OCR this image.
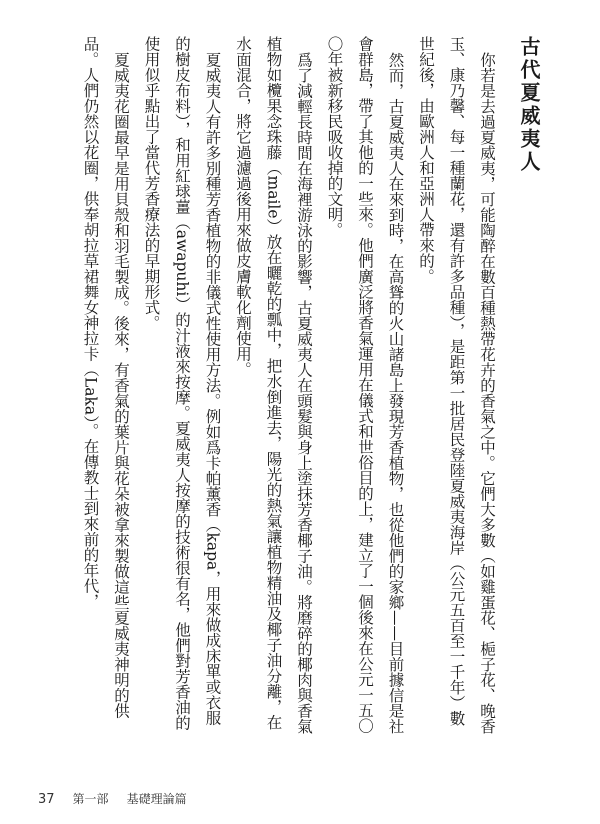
古代夏威夷人

你若是去過夏威夷，可能陶醉在數百種熱帶花卉的香氣之中。它們大多數（如雞蛋花、梔子花、晚香玉、康乃馨、每一種蘭花，還有許多品種），是距第一批居民登陸夏威夷海岸（公元五百至一千年）數世紀後，由歐洲人和亞洲人帶來的。

然而，古夏威夷人在來到時，在高聳的火山諸島上發現芳香植物，也從他們的家鄉——目前據信是社會群島，帶了其他的一些來。他們廣泛將香氣運用在儀式和世俗目的上，建立了一個後來在公元一五〇〇年被新移民吸收掉的文明。

爲了減輕長時間在海裡游泳的影響，古夏威夷人在頭髮與身上塗抹芳香椰子油。將磨碎的椰肉與香氣植物如欖果念珠藤（maile）放在曬乾的瓢中，把水倒進去，陽光的熱氣讓植物精油及椰子油分離，在水面混合，將它過濾過後用來做皮膚軟化劑使用。

夏威夷人有許多別種芳香植物的非儀式性使用方法。例如爲卡帕薰香（kapa，用來做成床單或衣服的樹皮布料），和用紅球薑（awapuhi）的汁液來按摩。夏威夷人按摩的技術很有名，他們對芳香油的使用似乎點出了當代芳香療法的早期形式。

夏威夷花圈最早是用貝殼和羽毛製成。後來，有香氣的葉片與花朵被拿來製做這些夏威夷神明的供品。人們仍然以花圈，供奉胡拉草裙舞女神拉卡（Laka）。在傳教士到來前的年代，

37 第一部 基礎理論篇
